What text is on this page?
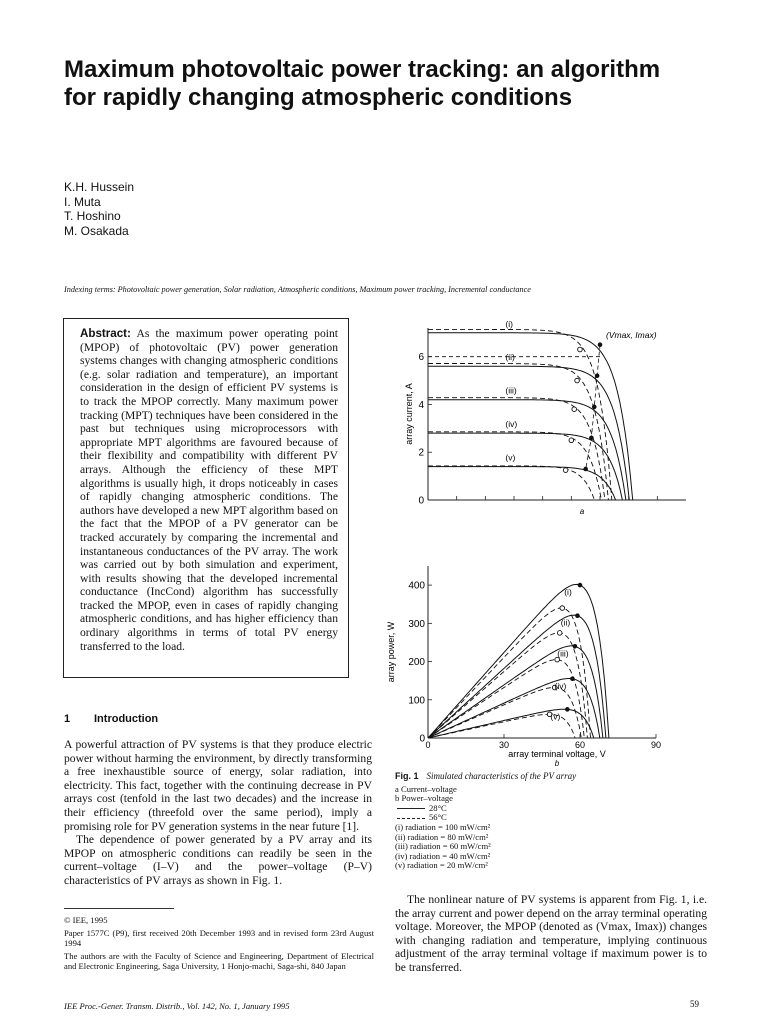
Maximum photovoltaic power tracking: an algorithm for rapidly changing atmospheric conditions
K.H. Hussein
I. Muta
T. Hoshino
M. Osakada
Indexing terms: Photovoltaic power generation, Solar radiation, Atmospheric conditions, Maximum power tracking, Incremental conductance
Abstract: As the maximum power operating point (MPOP) of photovoltaic (PV) power generation systems changes with changing atmospheric conditions (e.g. solar radiation and temperature), an important consideration in the design of efficient PV systems is to track the MPOP correctly. Many maximum power tracking (MPT) techniques have been considered in the past but techniques using microprocessors with appropriate MPT algorithms are favoured because of their flexibility and compatibility with different PV arrays. Although the efficiency of these MPT algorithms is usually high, it drops noticeably in cases of rapidly changing atmospheric conditions. The authors have developed a new MPT algorithm based on the fact that the MPOP of a PV generator can be tracked accurately by comparing the incremental and instantaneous conductances of the PV array. The work was carried out by both simulation and experiment, with results showing that the developed incremental conductance (IncCond) algorithm has successfully tracked the MPOP, even in cases of rapidly changing atmospheric conditions, and has higher efficiency than ordinary algorithms in terms of total PV energy transferred to the load.
1 Introduction

A powerful attraction of PV systems is that they produce electric power without harming the environment, by directly transforming a free inexhaustible source of energy, solar radiation, into electricity. This fact, together with the continuing decrease in PV arrays cost (tenfold in the last two decades) and the increase in their efficiency (threefold over the same period), imply a promising role for PV generation systems in the near future [1].

The dependence of power generated by a PV array and its MPOP on atmospheric conditions can readily be seen in the current–voltage (I–V) and the power–voltage (P–V) characteristics of PV arrays as shown in Fig. 1.

© IEE, 1995

Paper 1577C (P9), first received 20th December 1993 and in revised form 23rd August 1994

The authors are with the Faculty of Science and Engineering, Department of Electrical and Electronic Engineering, Saga University, 1 Honjo-machi, Saga-shi, 840 Japan

0
2
4
6
array current, A
a
(Vmax, Imax)
(i)
(ii)
(iii)
(iv)
(v)
0
100
200
300
400
0	30	60	90
array power, W
array terminal voltage, V
b
(i)
(ii)
(iii)
(iv)
(v)
Fig. 1 Simulated characteristics of the PV array
a Current–voltage
b Power–voltage
28°C
56°C
(i) radiation = 100 mW/cm²
(ii) radiation = 80 mW/cm²
(iii) radiation = 60 mW/cm²
(iv) radiation = 40 mW/cm²
(v) radiation = 20 mW/cm²

The nonlinear nature of PV systems is apparent from Fig. 1, i.e. the array current and power depend on the array terminal operating voltage. Moreover, the MPOP (denoted as (Vmax, Imax)) changes with changing radiation and temperature, implying continuous adjustment of the array terminal voltage if maximum power is to be transferred.

IEE Proc.-Gener. Transm. Distrib., Vol. 142, No. 1, January 1995	59
